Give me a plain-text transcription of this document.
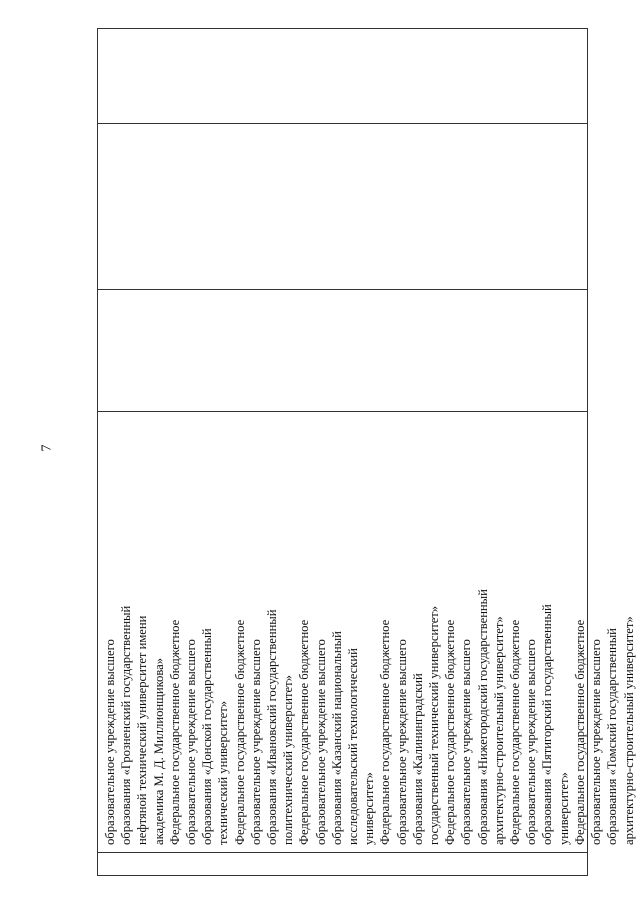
7
образовательное учреждение высшего
образования «Грозненский государственный
нефтяной технический университет имени
академика М. Д. Миллионщикова»
Федеральное государственное бюджетное
образовательное учреждение высшего
образования «Донской государственный
технический университет»
Федеральное государственное бюджетное
образовательное учреждение высшего
образования «Ивановский государственный
политехнический университет»
Федеральное государственное бюджетное
образовательное учреждение высшего
образования «Казанский национальный
исследовательский технологический
университет»
Федеральное государственное бюджетное
образовательное учреждение высшего
образования «Калининградский
государственный технический университет»
Федеральное государственное бюджетное
образовательное учреждение высшего
образования «Нижегородский государственный
архитектурно-строительный университет»
Федеральное государственное бюджетное
образовательное учреждение высшего
образования «Пятигорский государственный
университет»
Федеральное государственное бюджетное
образовательное учреждение высшего
образования «Томский государственный
архитектурно-строительный университет»
